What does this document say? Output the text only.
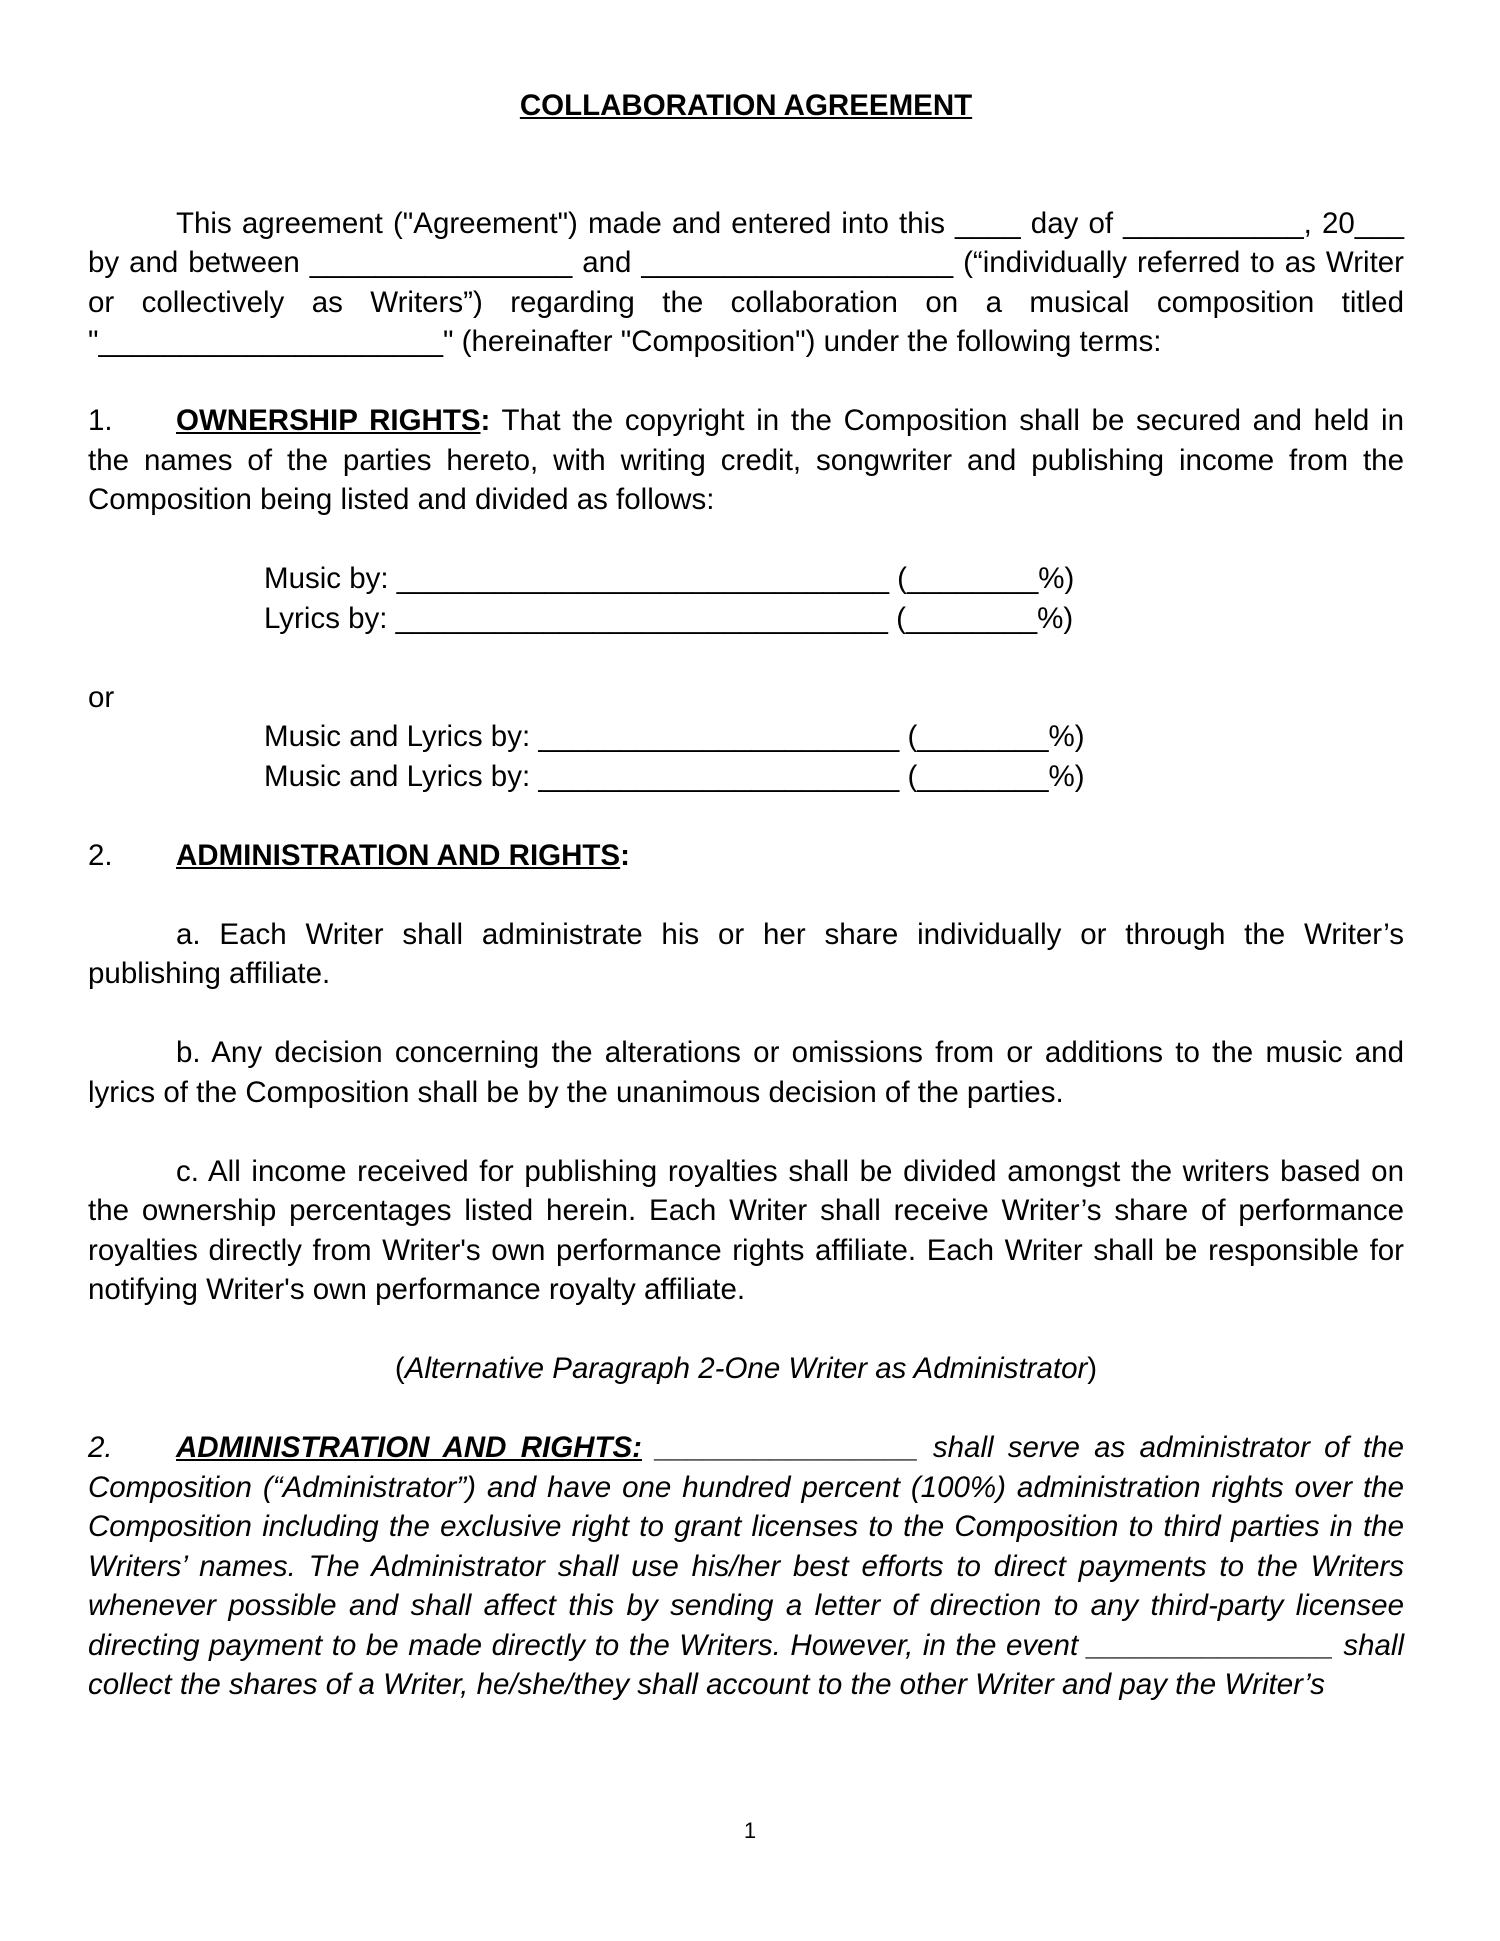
COLLABORATION AGREEMENT

This agreement ("Agreement") made and entered into this ____ day of ___________, 20___ by and between ________________ and ___________________ (“individually referred to as Writer or collectively as Writers”) regarding the collaboration on a musical composition titled "_____________________" (hereinafter "Composition") under the following terms:

1. OWNERSHIP RIGHTS: That the copyright in the Composition shall be secured and held in the names of the parties hereto, with writing credit, songwriter and publishing income from the Composition being listed and divided as follows:

Music by: ______________________________ (________%)
Lyrics by: ______________________________ (________%)

or

Music and Lyrics by: ______________________ (________%)
Music and Lyrics by: ______________________ (________%)

2. ADMINISTRATION AND RIGHTS:

a. Each Writer shall administrate his or her share individually or through the Writer’s publishing affiliate.

b. Any decision concerning the alterations or omissions from or additions to the music and lyrics of the Composition shall be by the unanimous decision of the parties.

c. All income received for publishing royalties shall be divided amongst the writers based on the ownership percentages listed herein. Each Writer shall receive Writer’s share of performance royalties directly from Writer's own performance rights affiliate. Each Writer shall be responsible for notifying Writer's own performance royalty affiliate.

(Alternative Paragraph 2-One Writer as Administrator)

2. ADMINISTRATION AND RIGHTS: ________________ shall serve as administrator of the Composition (“Administrator”) and have one hundred percent (100%) administration rights over the Composition including the exclusive right to grant licenses to the Composition to third parties in the Writers’ names. The Administrator shall use his/her best efforts to direct payments to the Writers whenever possible and shall affect this by sending a letter of direction to any third-party licensee directing payment to be made directly to the Writers. However, in the event _______________ shall collect the shares of a Writer, he/she/they shall account to the other Writer and pay the Writer’s

1
